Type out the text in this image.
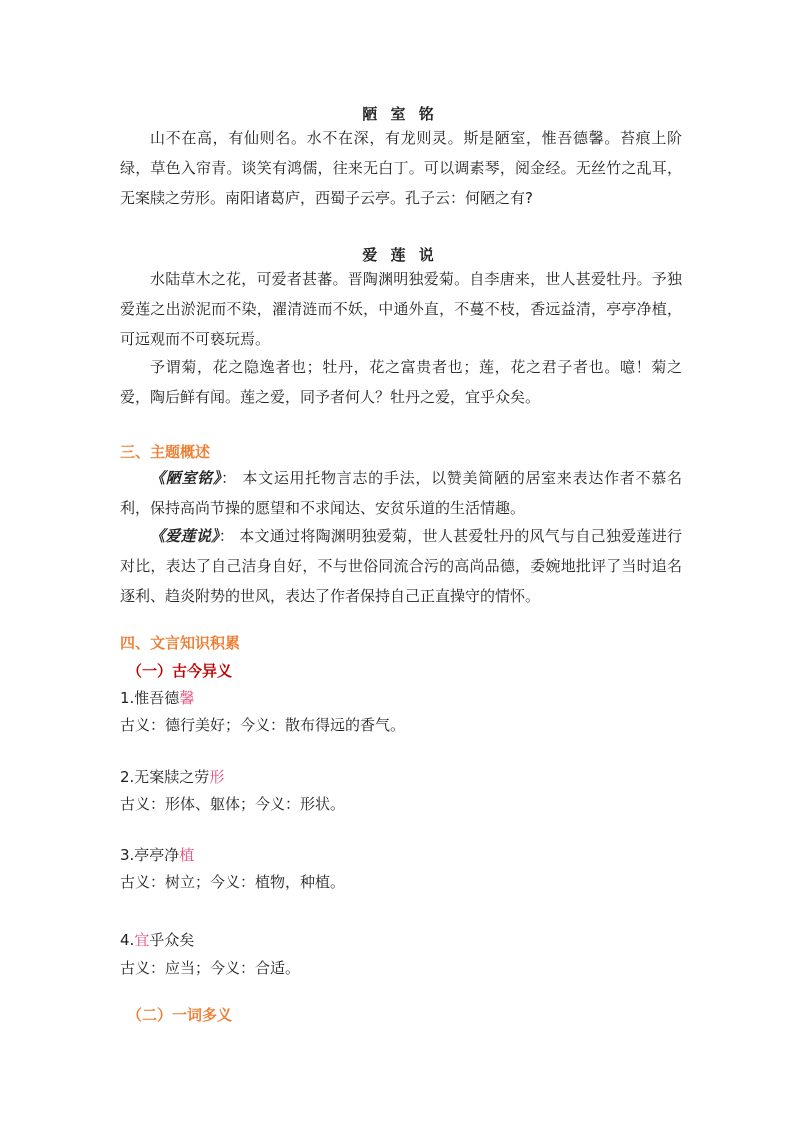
陋 室 铭

山不在高，有仙则名。水不在深，有龙则灵。斯是陋室，惟吾德馨。苔痕上阶绿，草色入帘青。谈笑有鸿儒，往来无白丁。可以调素琴，阅金经。无丝竹之乱耳，无案牍之劳形。南阳诸葛庐，西蜀子云亭。孔子云：何陋之有?

爱 莲 说

水陆草木之花，可爱者甚蕃。晋陶渊明独爱菊。自李唐来，世人甚爱牡丹。予独爱莲之出淤泥而不染，濯清涟而不妖，中通外直，不蔓不枝，香远益清，亭亭净植，可远观而不可亵玩焉。

予谓菊，花之隐逸者也；牡丹，花之富贵者也；莲，花之君子者也。噫！菊之爱，陶后鲜有闻。莲之爱，同予者何人？牡丹之爱，宜乎众矣。

三、主题概述

《陋室铭》： 本文运用托物言志的手法，以赞美简陋的居室来表达作者不慕名利，保持高尚节操的愿望和不求闻达、安贫乐道的生活情趣。

《爱莲说》： 本文通过将陶渊明独爱菊，世人甚爱牡丹的风气与自己独爱莲进行对比，表达了自己洁身自好，不与世俗同流合污的高尚品德，委婉地批评了当时追名逐利、趋炎附势的世风，表达了作者保持自己正直操守的情怀。

四、文言知识积累
（一）古今异义
1.惟吾德馨
古义：德行美好；今义：散布得远的香气。
2.无案牍之劳形
古义：形体、躯体；今义：形状。
3.亭亭净植
古义：树立；今义：植物，种植。
4.宜乎众矣
古义：应当；今义：合适。
（二）一词多义
